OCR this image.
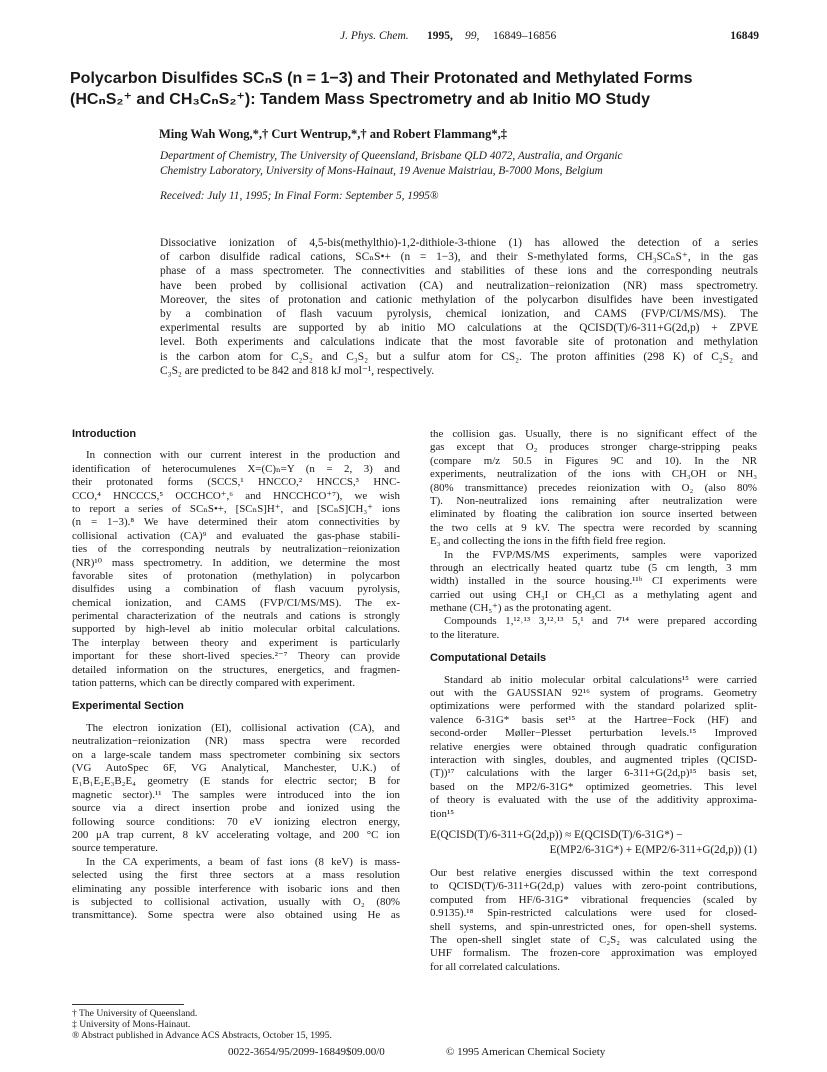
J. Phys. Chem. 1995, 99, 16849–16856	16849
Polycarbon Disulfides SCₙS (n = 1−3) and Their Protonated and Methylated Forms
(HCₙS₂⁺ and CH₃CₙS₂⁺): Tandem Mass Spectrometry and ab Initio MO Study
Ming Wah Wong,*,† Curt Wentrup,*,† and Robert Flammang*,‡
Department of Chemistry, The University of Queensland, Brisbane QLD 4072, Australia, and Organic
Chemistry Laboratory, University of Mons-Hainaut, 19 Avenue Maistriau, B-7000 Mons, Belgium
Received: July 11, 1995; In Final Form: September 5, 1995®
Dissociative ionization of 4,5-bis(methylthio)-1,2-dithiole-3-thione (1) has allowed the detection of a series
of carbon disulfide radical cations, SCₙS•+ (n = 1−3), and their S-methylated forms, CH₃SCₙS⁺, in the gas
phase of a mass spectrometer. The connectivities and stabilities of these ions and the corresponding neutrals
have been probed by collisional activation (CA) and neutralization−reionization (NR) mass spectrometry.
Moreover, the sites of protonation and cationic methylation of the polycarbon disulfides have been investigated
by a combination of flash vacuum pyrolysis, chemical ionization, and CAMS (FVP/CI/MS/MS). The
experimental results are supported by ab initio MO calculations at the QCISD(T)/6-311+G(2d,p) + ZPVE
level. Both experiments and calculations indicate that the most favorable site of protonation and methylation
is the carbon atom for C₂S₂ and C₃S₂ but a sulfur atom for CS₂. The proton affinities (298 K) of C₂S₂ and
C₃S₂ are predicted to be 842 and 818 kJ mol⁻¹, respectively.
Introduction
In connection with our current interest in the production and
identification of heterocumulenes X=(C)ₙ=Y (n = 2, 3) and
their protonated forms (SCCS,¹ HNCCO,² HNCCS,³ HNC-
CCO,⁴ HNCCCS,⁵ OCCHCO⁺,⁶ and HNCCHCO⁺⁷), we wish
to report a series of SCₙS•+, [SCₙS]H⁺, and [SCₙS]CH₃⁺ ions
(n = 1−3).⁸ We have determined their atom connectivities by
collisional activation (CA)⁹ and evaluated the gas-phase stabili-
ties of the corresponding neutrals by neutralization−reionization
(NR)¹⁰ mass spectrometry. In addition, we determine the most
favorable sites of protonation (methylation) in polycarbon
disulfides using a combination of flash vacuum pyrolysis,
chemical ionization, and CAMS (FVP/CI/MS/MS). The ex-
perimental characterization of the neutrals and cations is strongly
supported by high-level ab initio molecular orbital calculations.
The interplay between theory and experiment is particularly
important for these short-lived species.²⁻⁷ Theory can provide
detailed information on the structures, energetics, and fragmen-
tation patterns, which can be directly compared with experiment.
Experimental Section
The electron ionization (EI), collisional activation (CA), and
neutralization−reionization (NR) mass spectra were recorded
on a large-scale tandem mass spectrometer combining six sectors
(VG AutoSpec 6F, VG Analytical, Manchester, U.K.) of
E₁B₁E₂E₃B₂E₄ geometry (E stands for electric sector; B for
magnetic sector).¹¹ The samples were introduced into the ion
source via a direct insertion probe and ionized using the
following source conditions: 70 eV ionizing electron energy,
200 μA trap current, 8 kV accelerating voltage, and 200 °C ion
source temperature.
In the CA experiments, a beam of fast ions (8 keV) is mass-
selected using the first three sectors at a mass resolution
eliminating any possible interference with isobaric ions and then
is subjected to collisional activation, usually with O₂ (80%
transmittance). Some spectra were also obtained using He as
the collision gas. Usually, there is no significant effect of the
gas except that O₂ produces stronger charge-stripping peaks
(compare m/z 50.5 in Figures 9C and 10). In the NR
experiments, neutralization of the ions with CH₃OH or NH₃
(80% transmittance) precedes reionization with O₂ (also 80%
T). Non-neutralized ions remaining after neutralization were
eliminated by floating the calibration ion source inserted between
the two cells at 9 kV. The spectra were recorded by scanning
E₃ and collecting the ions in the fifth field free region.
In the FVP/MS/MS experiments, samples were vaporized
through an electrically heated quartz tube (5 cm length, 3 mm
width) installed in the source housing.¹¹ᵇ CI experiments were
carried out using CH₃I or CH₃Cl as a methylating agent and
methane (CH₅⁺) as the protonating agent.
Compounds 1,¹²˒¹³ 3,¹²˒¹³ 5,¹ and 7¹⁴ were prepared according
to the literature.
Computational Details
Standard ab initio molecular orbital calculations¹⁵ were carried
out with the GAUSSIAN 92¹⁶ system of programs. Geometry
optimizations were performed with the standard polarized split-
valence 6-31G* basis set¹⁵ at the Hartree−Fock (HF) and
second-order Møller−Plesset perturbation levels.¹⁵ Improved
relative energies were obtained through quadratic configuration
interaction with singles, doubles, and augmented triples (QCISD-
(T))¹⁷ calculations with the larger 6-311+G(2d,p)¹⁵ basis set,
based on the MP2/6-31G* optimized geometries. This level
of theory is evaluated with the use of the additivity approxima-
tion¹⁵
E(QCISD(T)/6-311+G(2d,p)) ≈ E(QCISD(T)/6-31G*) −
E(MP2/6-31G*) + E(MP2/6-311+G(2d,p)) (1)
Our best relative energies discussed within the text correspond
to QCISD(T)/6-311+G(2d,p) values with zero-point contributions,
computed from HF/6-31G* vibrational frequencies (scaled by
0.9135).¹⁸ Spin-restricted calculations were used for closed-
shell systems, and spin-unrestricted ones, for open-shell systems.
The open-shell singlet state of C₂S₂ was calculated using the
UHF formalism. The frozen-core approximation was employed
for all correlated calculations.
† The University of Queensland.
‡ University of Mons-Hainaut.
® Abstract published in Advance ACS Abstracts, October 15, 1995.
0022-3654/95/2099-16849$09.00/0	© 1995 American Chemical Society
